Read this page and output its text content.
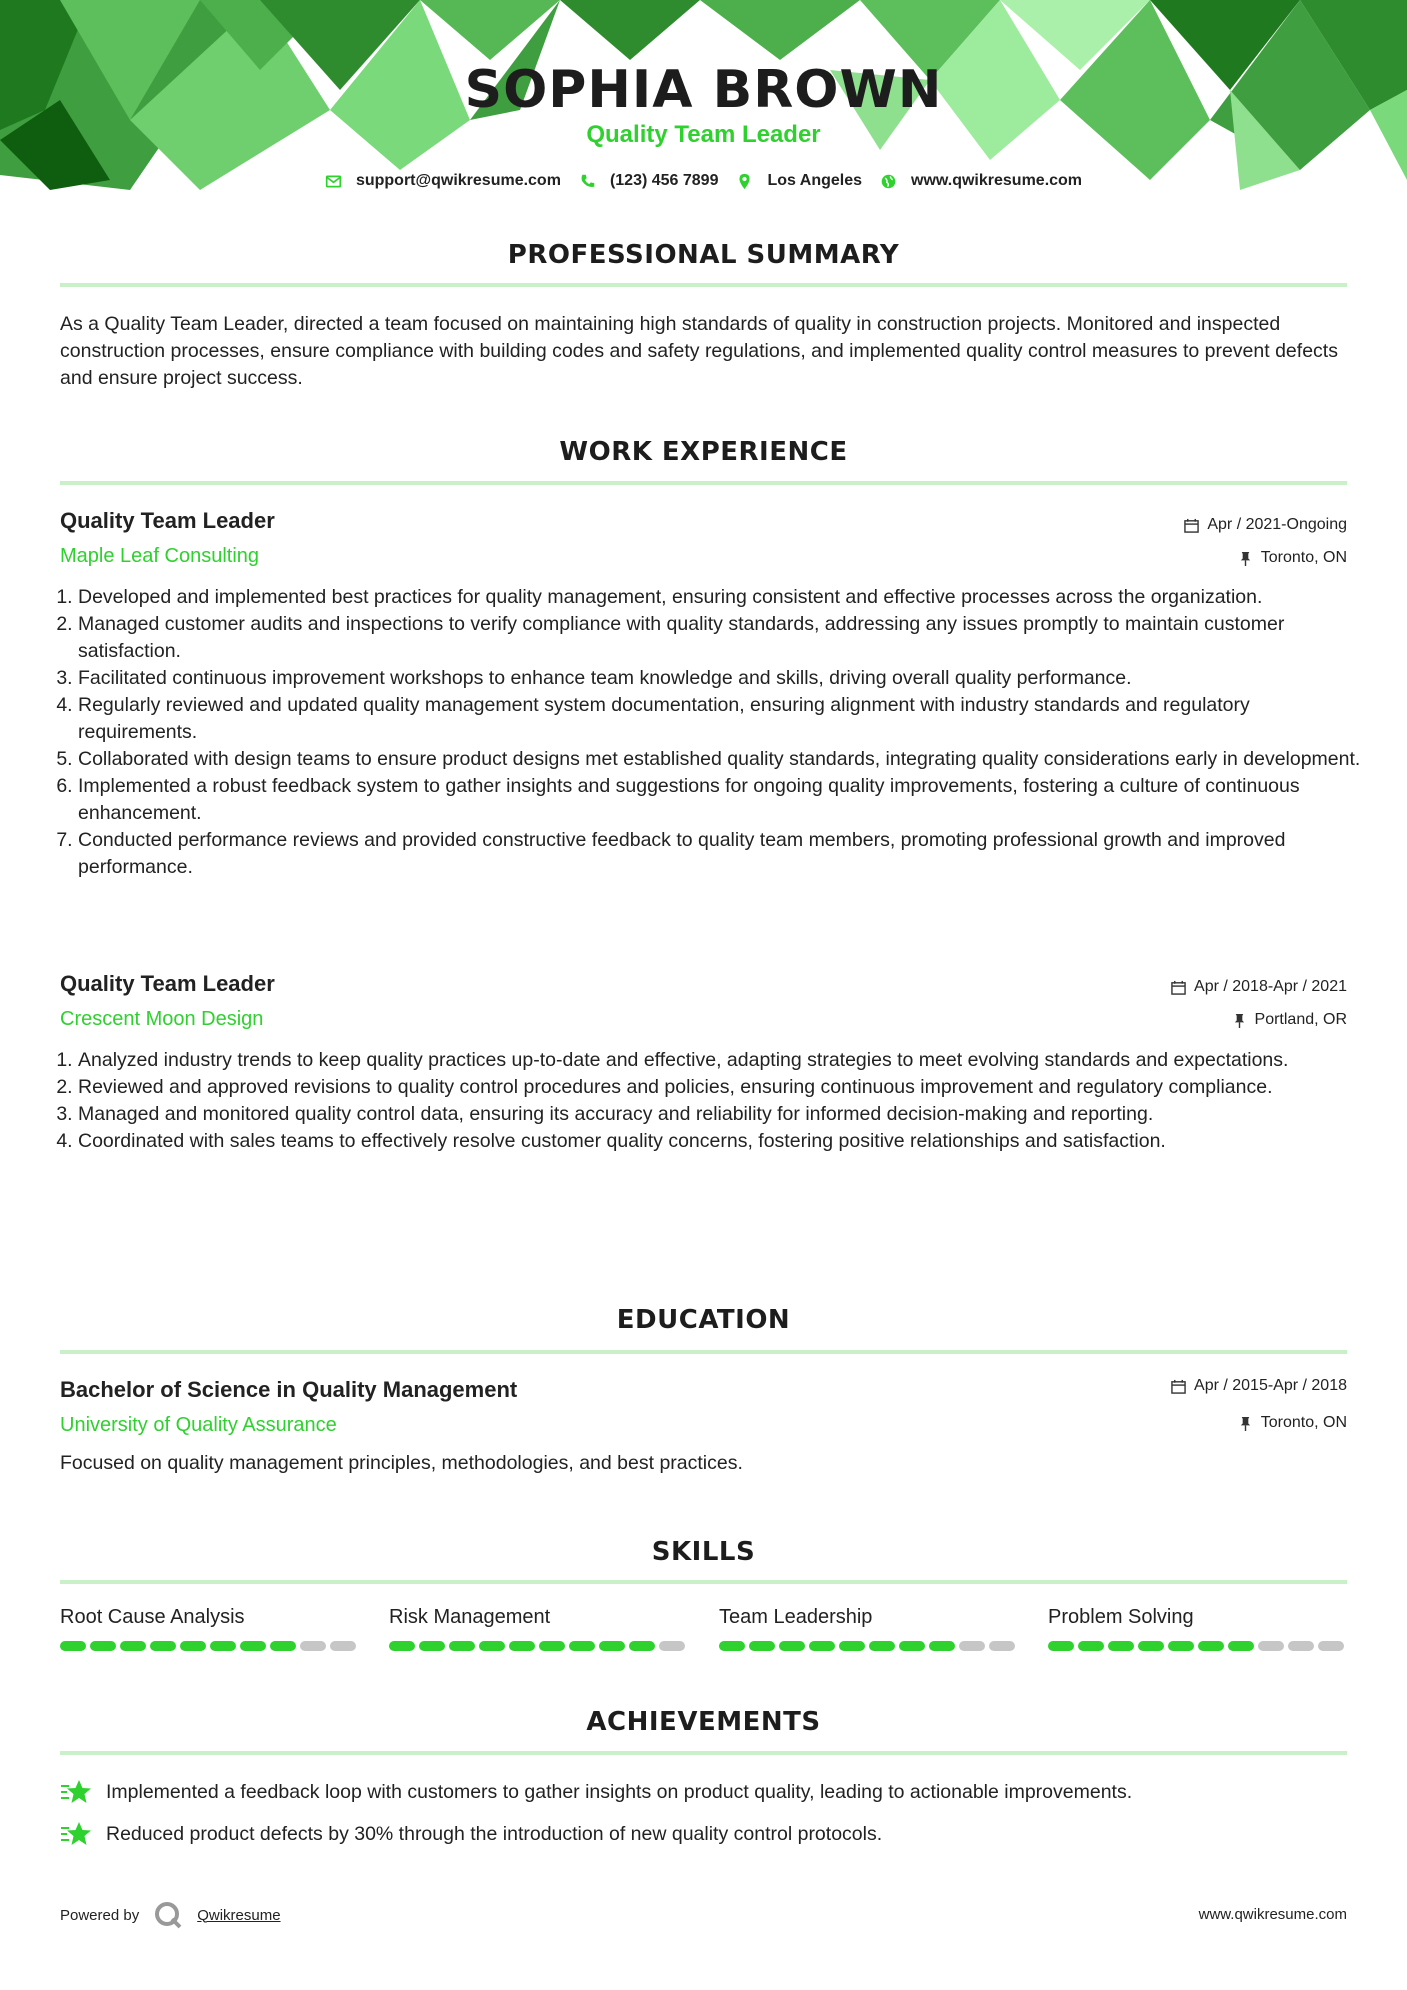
SOPHIA BROWN
Quality Team Leader
support@qwikresume.com	(123) 456 7899	Los Angeles	www.qwikresume.com
PROFESSIONAL SUMMARY
As a Quality Team Leader, directed a team focused on maintaining high standards of quality in construction projects. Monitored and inspected construction processes, ensure compliance with building codes and safety regulations, and implemented quality control measures to prevent defects and ensure project success.
WORK EXPERIENCE
Quality Team Leader
Maple Leaf Consulting
Apr / 2021-Ongoing
Toronto, ON
1. Developed and implemented best practices for quality management, ensuring consistent and effective processes across the organization.
2. Managed customer audits and inspections to verify compliance with quality standards, addressing any issues promptly to maintain customer satisfaction.
3. Facilitated continuous improvement workshops to enhance team knowledge and skills, driving overall quality performance.
4. Regularly reviewed and updated quality management system documentation, ensuring alignment with industry standards and regulatory requirements.
5. Collaborated with design teams to ensure product designs met established quality standards, integrating quality considerations early in development.
6. Implemented a robust feedback system to gather insights and suggestions for ongoing quality improvements, fostering a culture of continuous enhancement.
7. Conducted performance reviews and provided constructive feedback to quality team members, promoting professional growth and improved performance.
Quality Team Leader
Crescent Moon Design
Apr / 2018-Apr / 2021
Portland, OR
1. Analyzed industry trends to keep quality practices up-to-date and effective, adapting strategies to meet evolving standards and expectations.
2. Reviewed and approved revisions to quality control procedures and policies, ensuring continuous improvement and regulatory compliance.
3. Managed and monitored quality control data, ensuring its accuracy and reliability for informed decision-making and reporting.
4. Coordinated with sales teams to effectively resolve customer quality concerns, fostering positive relationships and satisfaction.
EDUCATION
Bachelor of Science in Quality Management
University of Quality Assurance
Apr / 2015-Apr / 2018
Toronto, ON
Focused on quality management principles, methodologies, and best practices.
SKILLS
Root Cause Analysis	Risk Management	Team Leadership	Problem Solving
ACHIEVEMENTS
Implemented a feedback loop with customers to gather insights on product quality, leading to actionable improvements.
Reduced product defects by 30% through the introduction of new quality control protocols.
Powered by	Qwikresume	www.qwikresume.com
